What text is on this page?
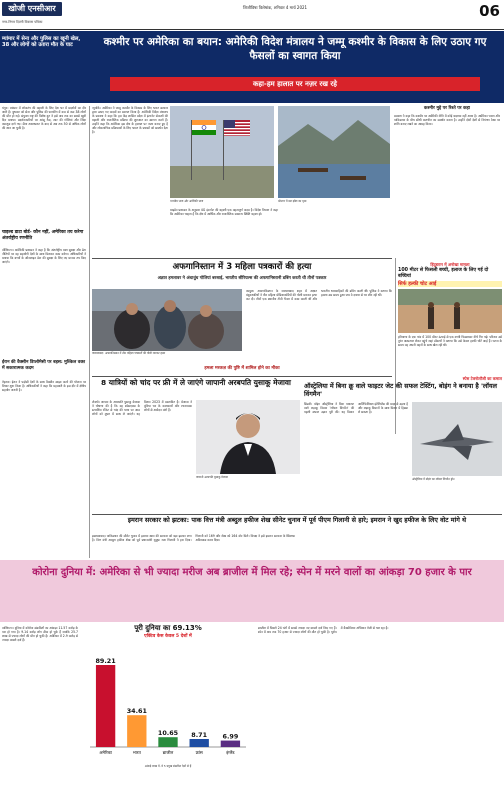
खोजी एनसीआर	जिजीविषा विशेषांक, शनिवार 4 मार्च 2021
नगर-निगम दिल्ली विकास पत्रिका
06
कश्मीर पर अमेरिका का बयान: अमेरिकी विदेश मंत्रालय ने जम्मू कश्मीर के विकास के लिए उठाए गए फैसलों का स्वागत किया
कहा-हम हालात पर नज़र रख रहे
म्यांमार में सेना और पुलिस का खूनी खेल, 38 और लोगों को उतारा मौत के घाट

यंगून। म्यांमार में लोकतंत्र की बहाली के लिए देश भर में प्रदर्शनों का दौर जारी है। बुधवार को सेना और पुलिस की फायरिंग में कम से कम 38 लोगों की मौत हो गई। संयुक्त राष्ट्र की विशेष दूत ने इसे अब तक का सबसे खूनी दिन बताया। प्रदर्शनकारियों पर आंसू गैस, रबर की गोलियां और जिंदा कारतूस दागे गए। सैन्य तख्तापलट के बाद से अब तक 50 से अधिक लोगों की जान जा चुकी है।

चाइल्ड डाटा बोर्ड- कौन नहीं, अमेरिका तय करेगा अंतर्राष्ट्रीय रणनीति

वॉशिंगटन। अमेरिकी प्रशासन ने कहा है कि अंतर्राष्ट्रीय बाल सुरक्षा और डेटा नीतियों पर वह सहयोगी देशों के साथ मिलकर काम करेगा। अधिकारियों ने बताया कि बच्चों के ऑनलाइन डेटा की सुरक्षा के लिए नए मानक तय किए जाएंगे।

ईरान की वैक्सीन डिप्लोमेसी पर बहस: मुश्किल वक्त में सकारात्मक कदम

तेहरान। ईरान ने पड़ोसी देशों के साथ वैक्सीन साझा करने की योजना पर विचार शुरू किया है। अधिकारियों ने कहा कि महामारी के इस दौर में क्षेत्रीय सहयोग जरूरी है।

न्यूयॉर्क। अमेरिका ने जम्मू कश्मीर के विकास के लिए भारत सरकार द्वारा उठाए गए कदमों का स्वागत किया है। अमेरिकी विदेश मंत्रालय के प्रवक्ता ने कहा कि हम केंद्र शासित प्रदेश में इंटरनेट सेवाओं की बहाली और राजनीतिक प्रक्रिया की शुरुआत का स्वागत करते हैं। उन्होंने कहा कि अमेरिका इस क्षेत्र के हालात पर नजर बनाए हुए है और लोकतांत्रिक प्रक्रियाओं के लिए भारत के प्रयासों को समर्थन देता है।

भारतीय ध्वज और अमेरिकी ध्वज	श्रीनगर में डल झील का दृश्य

बाइडेन प्रशासन के अनुसार 4G इंटरनेट की बहाली एक महत्वपूर्ण कदम है। विदेश विभाग ने कहा कि अमेरिका चाहता है कि क्षेत्र में आर्थिक और राजनीतिक सामान्य स्थिति बहाल हो।

कश्मीर मुद्दे पर रिश्ते पर कहा

प्रवक्ता ने कहा कि कश्मीर पर अमेरिकी नीति में कोई बदलाव नहीं आया है। अमेरिका भारत और पाकिस्तान के बीच सीधी बातचीत का समर्थन करता है। उन्होंने दोनों देशों से नियंत्रण रेखा पर शांति बनाए रखने का आग्रह किया।

अफगानिस्तान में 3 महिला पत्रकारों की हत्या
अज्ञात हमलावर ने अंधाधुंध गोलियां बरसाई, भारतीय सीरियल्स की अफगानिस्तानी डबिंग करती थी तीनों पत्रकार
जलालाबाद: अफगानिस्तान में तीन महिला पत्रकारों की गोली मारकर हत्या

काबुल। अफगानिस्तान के जलालाबाद शहर में अज्ञात बंदूकधारियों ने तीन महिला मीडियाकर्मियों की गोली मारकर हत्या कर दी। तीनों एक स्थानीय टीवी चैनल में काम करती थीं और भारतीय धारावाहिकों की डबिंग करती थीं। पुलिस ने बताया कि हमला उस समय हुआ जब वे दफ्तर से घर लौट रही थीं।

हमला मरकज़ की पुष्टि में शामिल होने का मौका
हिंदुस्तान में अनोखा मामला
100 मीटर से फिसली बच्ची, इलाज के लिए गई दो बच्चियां
सिर्फ हल्की चोट आई

हरियाणा के एक गांव में 100 मीटर ऊंचाई से एक बच्ची फिसलकर नीचे गिर गई। परिजन उसे तुरंत अस्पताल लेकर पहुंचे जहां डॉक्टरों ने बताया कि उसे केवल हल्की चोटें आई हैं। घटना के समय वह अपनी बहनों के साथ खेल रही थी।

8 यात्रियों को चांद पर फ्री में ले जाएंगे जापानी अरबपति युसाकू मेजावा

टोक्यो। जापान के अरबपति युसाकू मेजावा ने घोषणा की है कि वह स्पेसएक्स के स्टारशिप रॉकेट से चांद की यात्रा पर आठ लोगों को मुफ्त में साथ ले जाएंगे। यह मिशन 2023 में प्रस्तावित है। मेजावा ने दुनिया भर के कलाकारों और रचनात्मक लोगों से आवेदन मांगे हैं।

जापानी अरबपति युसाकू मेजावा
स्पेस टेक्नोलॉजी का कमाल
ऑस्ट्रेलिया में बिना क्रू वाले फाइटर जेट की सफल टेस्टिंग, बोइंग ने बनाया है 'लॉयल विंगमैन'

सिडनी। बोइंग ऑस्ट्रेलिया ने बिना पायलट वाले लड़ाकू विमान 'लॉयल विंगमैन' की पहली सफल उड़ान पूरी की। यह विमान आर्टिफिशियल इंटेलिजेंस की मदद से उड़ता है और लड़ाकू विमानों के साथ मिशन में हिस्सा ले सकता है।

ऑस्ट्रेलिया में बोइंग का लॉयल विंगमैन ड्रोन
इमरान सरकार को झटका: पाक वित्त मंत्री अब्दुल हफीज शेख सीनेट चुनाव में पूर्व पीएम गिलानी से हारे; इमरान ने खुद हफीज के लिए वोट मांगे थे

इस्लामाबाद। पाकिस्तान की सीनेट चुनाव में इमरान खान की सरकार को बड़ा झटका लगा है। वित्त मंत्री अब्दुल हफीज शेख को पूर्व प्रधानमंत्री यूसुफ रजा गिलानी ने हरा दिया। गिलानी को 169 और शेख को 164 वोट मिले। विपक्ष ने इसे इमरान सरकार के खिलाफ अविश्वास करार दिया।

कोरोना दुनिया में: अमेरिका से भी ज्यादा मरीज अब ब्राजील में मिल रहे; स्पेन में मरने वालों का आंकड़ा 70 हजार के पार

वाशिंगटन। दुनिया में कोरोना संक्रमितों का आंकड़ा 11.57 करोड़ के पार हो गया है। 9.14 करोड़ लोग ठीक हो चुके हैं जबकि 25.7 लाख से ज्यादा लोगों की मौत हो चुकी है। अमेरिका में 2.9 करोड़ से ज्यादा मामले दर्ज हैं।

ब्राजील में पिछले 24 घंटों में सबसे ज्यादा नए मामले दर्ज किए गए हैं। स्पेन में अब तक 70 हजार से ज्यादा लोगों की मौत हो चुकी है। यूरोप में वैक्सीनेशन अभियान तेजी से चल रहा है।

पूरी दुनिया का 69.13%
एक्टिव केस केवल 5 देशों में
89.21
अमेरिका
34.61
भारत
10.65
ब्राजील
8.71
फ्रांस
6.99
इंग्लैंड
आंकड़े लाख में, ये 5 प्रमुख संक्रमित देशों से हैं
